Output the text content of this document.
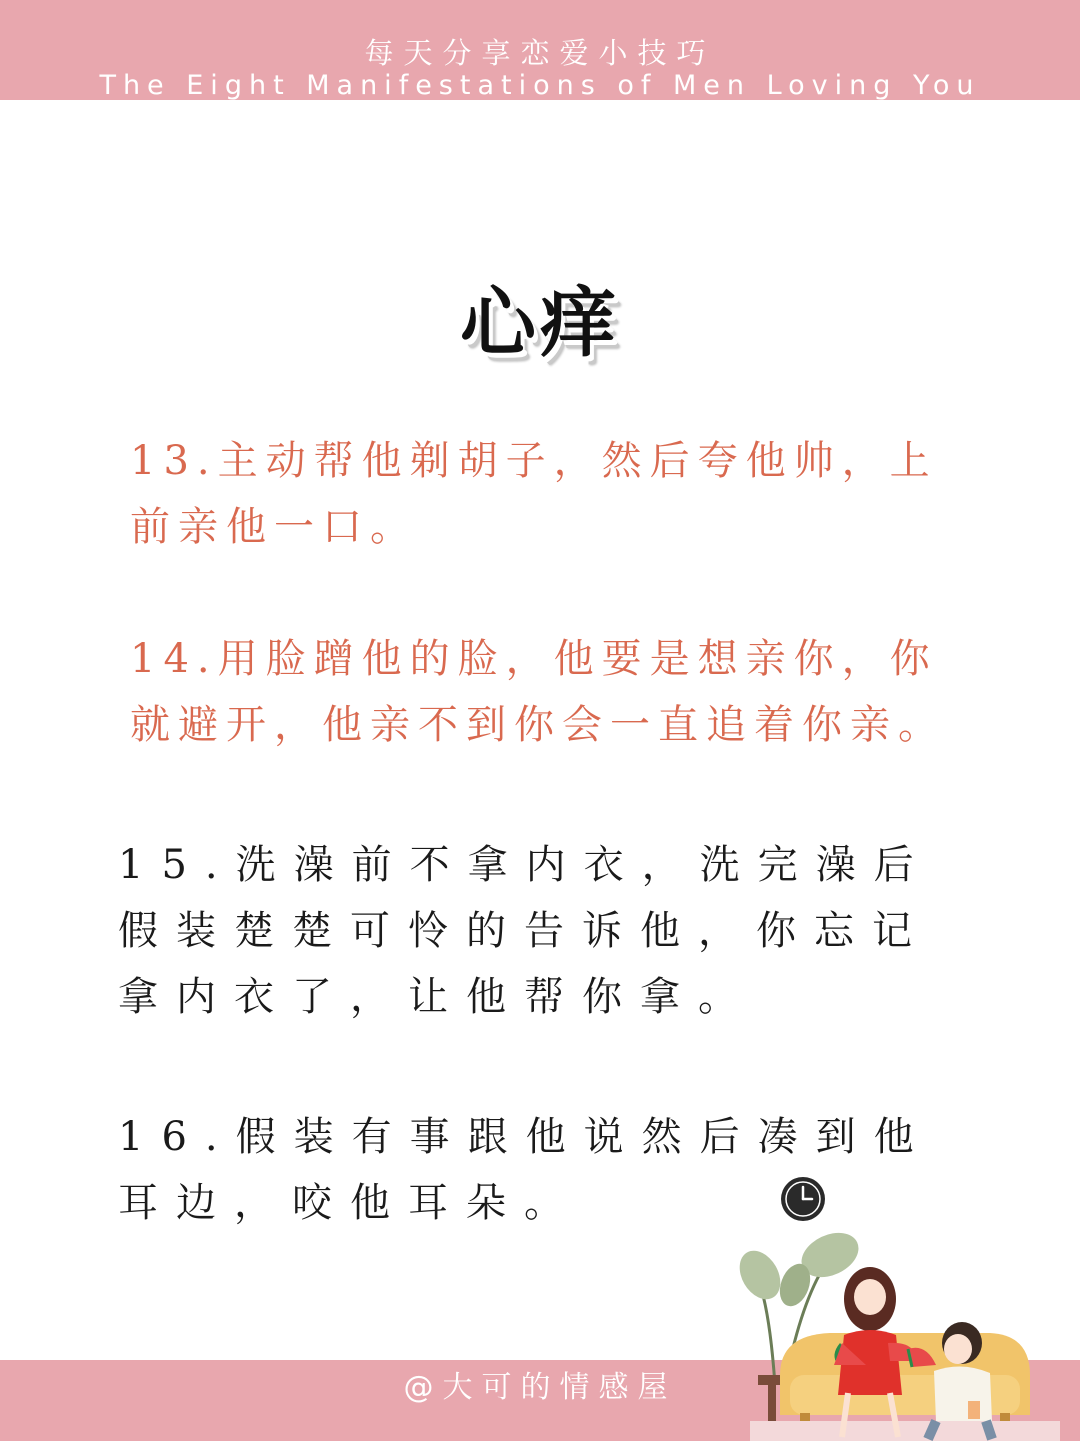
每天分享恋爱小技巧
The Eight Manifestations of Men Loving You
心痒
13.主动帮他剃胡子，然后夸他帅，上前亲他一口。
14.用脸蹭他的脸，他要是想亲你，你就避开，他亲不到你会一直追着你亲。
15.洗澡前不拿内衣，洗完澡后假装楚楚可怜的告诉他，你忘记拿内衣了，让他帮你拿。
16.假装有事跟他说然后凑到他耳边，咬他耳朵。
@大可的情感屋
